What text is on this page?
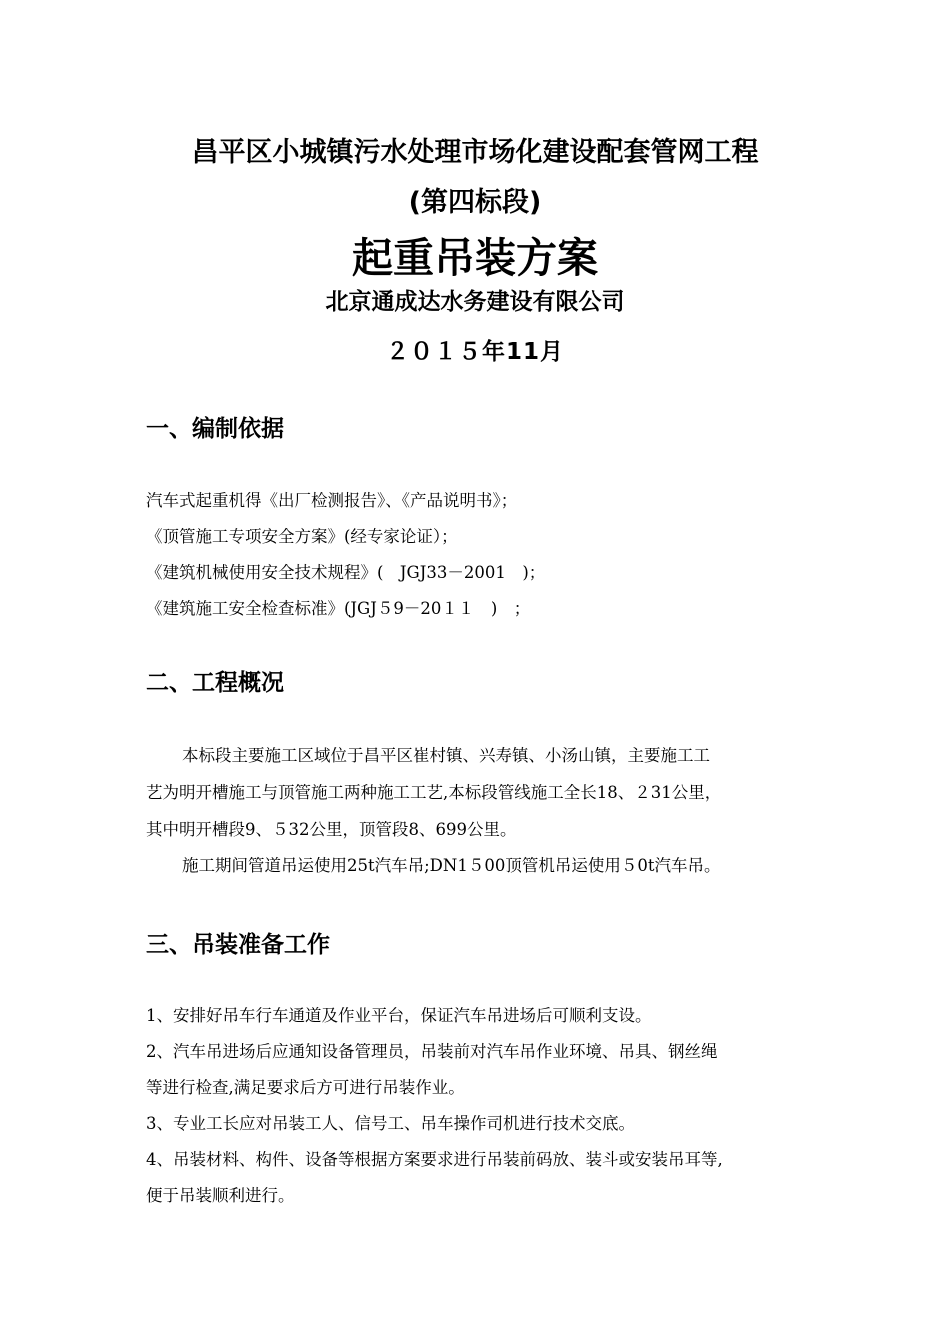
昌平区小城镇污水处理市场化建设配套管网工程
(第四标段)
起重吊装方案
北京通成达水务建设有限公司
２０１５年11月
一、编制依据
汽车式起重机得《出厂检测报告》、《产品说明书》；
《顶管施工专项安全方案》(经专家论证）；
《建筑机械使用安全技术规程》(　JGJ33－2001　)；
《建筑施工安全检查标准》(JGJ５9－20１１　)　；
二、工程概况
本标段主要施工区域位于昌平区崔村镇、兴寿镇、小汤山镇，主要施工工
艺为明开槽施工与顶管施工两种施工工艺,本标段管线施工全长18、２31公里，
其中明开槽段9、５32公里，顶管段8、699公里。
施工期间管道吊运使用25t汽车吊;DN1５00顶管机吊运使用５0t汽车吊。
三、吊装准备工作
1、安排好吊车行车通道及作业平台，保证汽车吊进场后可顺利支设。
2、汽车吊进场后应通知设备管理员，吊装前对汽车吊作业环境、吊具、钢丝绳
等进行检查,满足要求后方可进行吊装作业。
3、专业工长应对吊装工人、信号工、吊车操作司机进行技术交底。
4、吊装材料、构件、设备等根据方案要求进行吊装前码放、装斗或安装吊耳等,
便于吊装顺利进行。
